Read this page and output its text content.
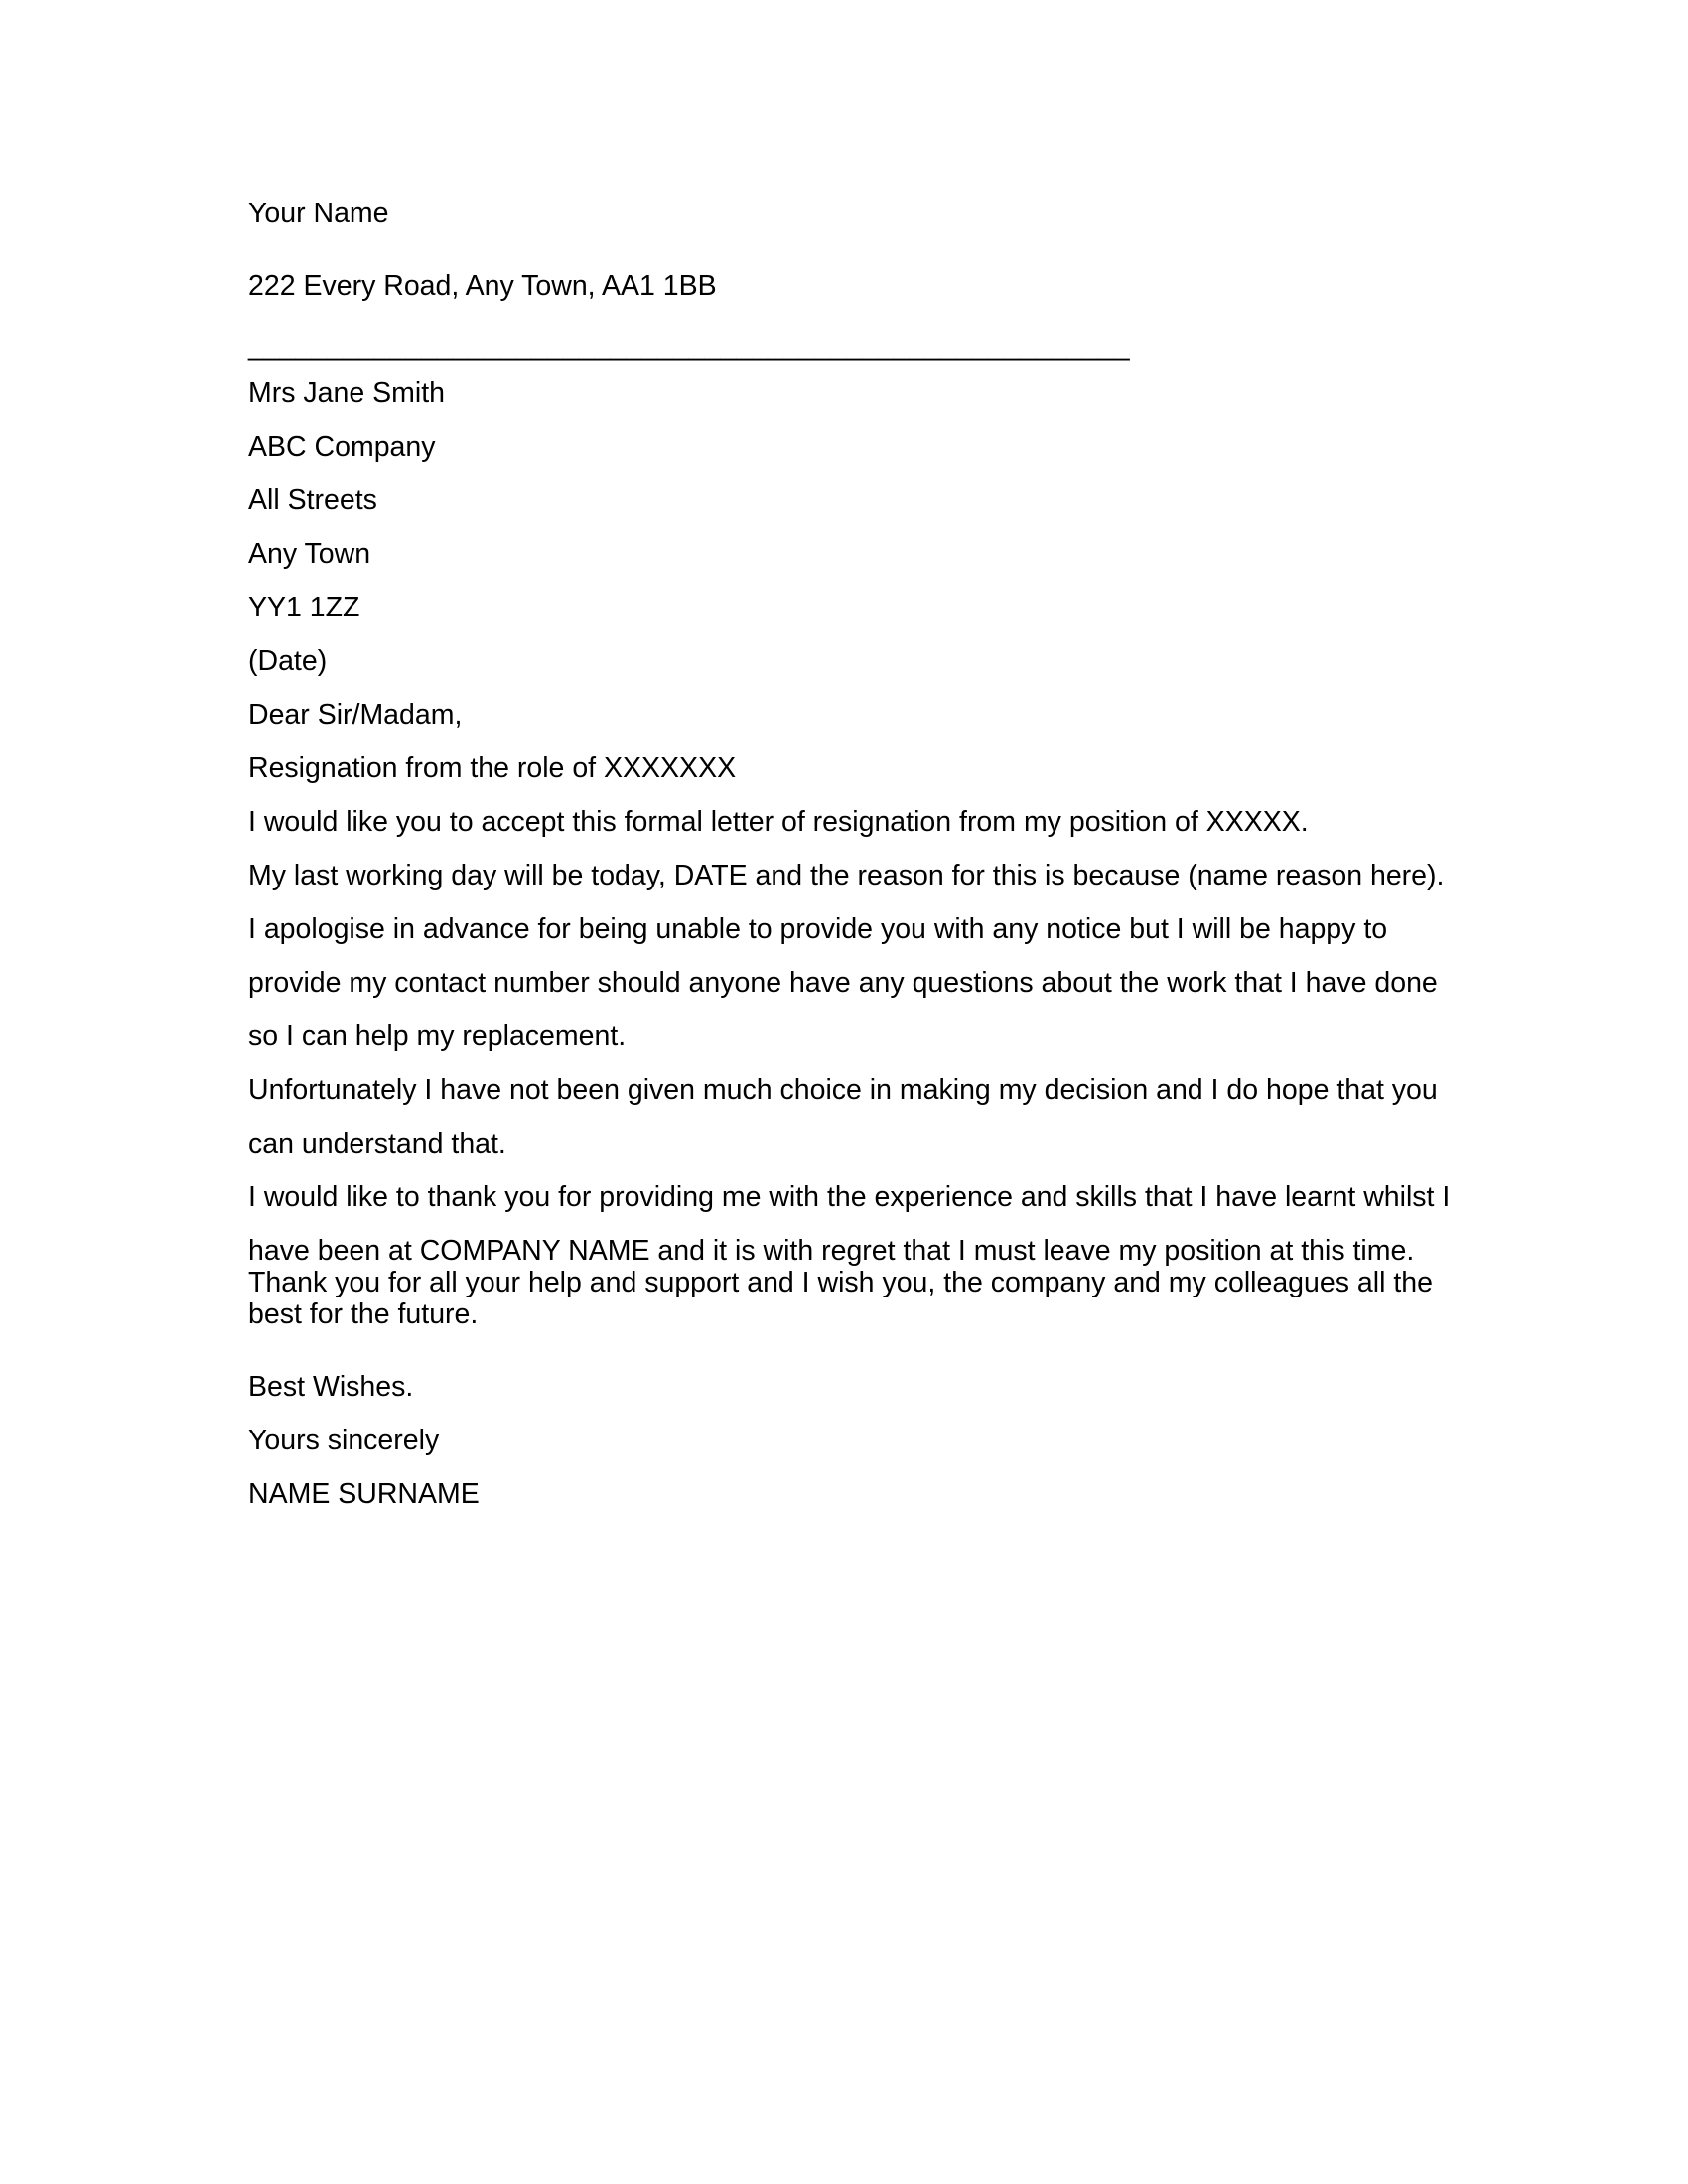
Your Name

222 Every Road, Any Town, AA1 1BB

________________________________________________________

Mrs Jane Smith

ABC Company

All Streets

Any Town

YY1 1ZZ

(Date)

Dear Sir/Madam,

Resignation from the role of XXXXXXX

I would like you to accept this formal letter of resignation from my position of XXXXX.

My last working day will be today, DATE and the reason for this is because (name reason here).

I apologise in advance for being unable to provide you with any notice but I will be happy to

provide my contact number should anyone have any questions about the work that I have done

so I can help my replacement.

Unfortunately I have not been given much choice in making my decision and I do hope that you

can understand that.

I would like to thank you for providing me with the experience and skills that I have learnt whilst I

have been at COMPANY NAME and it is with regret that I must leave my position at this time.

Thank you for all your help and support and I wish you, the company and my colleagues all the

best for the future.

Best Wishes.

Yours sincerely

NAME SURNAME
